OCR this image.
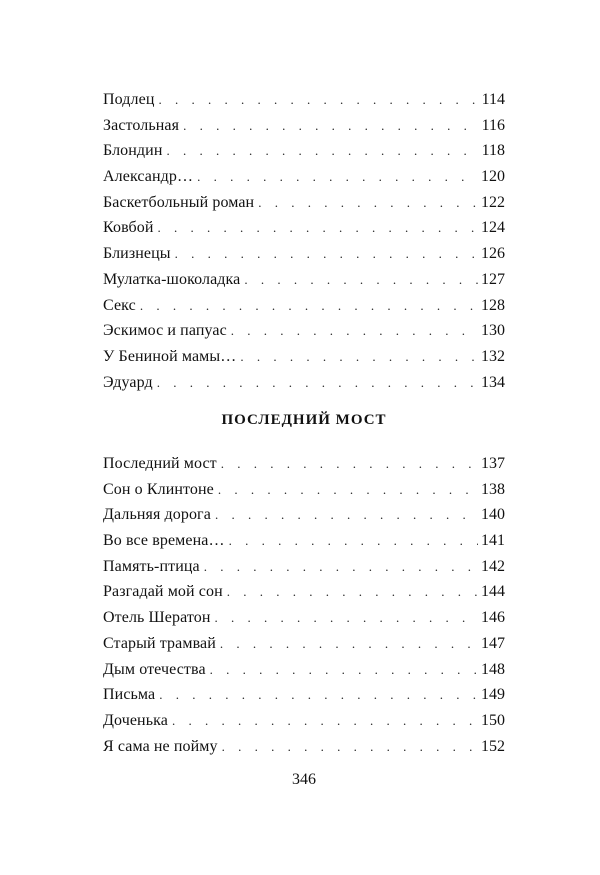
Подлец . . .	114
Застольная . . .	116
Блондин . . .	118
Александр… . . .	120
Баскетбольный роман . . .	122
Ковбой . . .	124
Близнецы . . .	126
Мулатка-шоколадка . . .	127
Секс . . .	128
Эскимос и папуас . . .	130
У Бениной мамы… . . .	132
Эдуард . . .	134
ПОСЛЕДНИЙ МОСТ
Последний мост . . .	137
Сон о Клинтоне . . .	138
Дальняя дорога . . .	140
Во все времена… . . .	141
Память-птица . . .	142
Разгадай мой сон . . .	144
Отель Шератон . . .	146
Старый трамвай . . .	147
Дым отечества . . .	148
Письма . . .	149
Доченька . . .	150
Я сама не пойму . . .	152
346
